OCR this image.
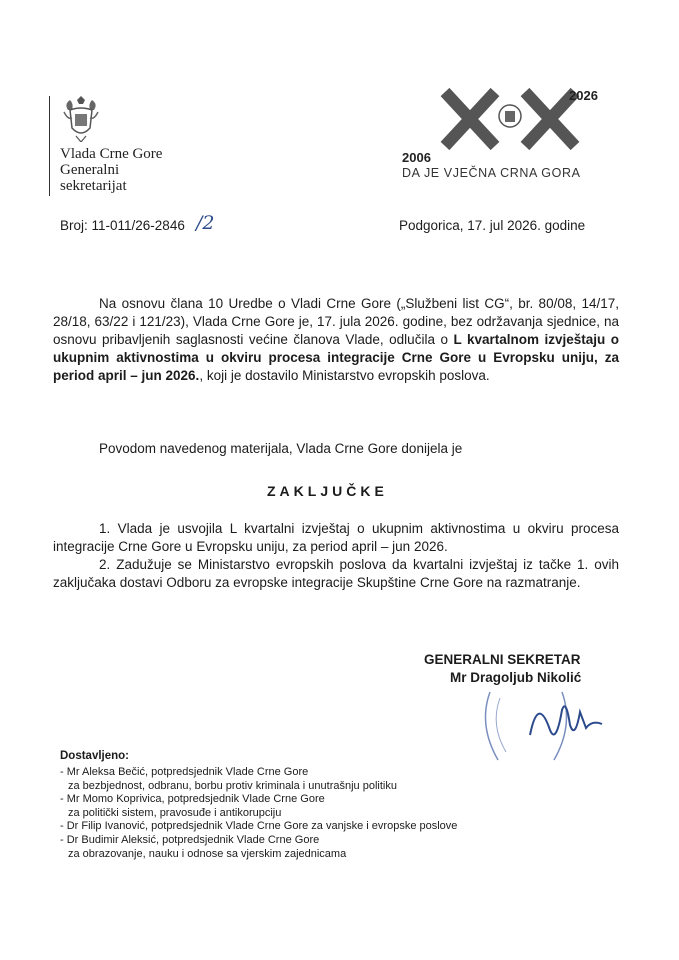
Vlada Crne Gore
Generalni
sekretarijat
2006
2026
DA JE VJEČNA CRNA GORA
Broj: 11-011/26-2846 /2	Podgorica, 17. jul 2026. godine
Na osnovu člana 10 Uredbe o Vladi Crne Gore („Službeni list CG“, br. 80/08, 14/17, 28/18, 63/22 i 121/23), Vlada Crne Gore je, 17. jula 2026. godine, bez održavanja sjednice, na osnovu pribavljenih saglasnosti većine članova Vlade, odlučila o L kvartalnom izvještaju o ukupnim aktivnostima u okviru procesa integracije Crne Gore u Evropsku uniju, za period april – jun 2026., koji je dostavilo Ministarstvo evropskih poslova.
Povodom navedenog materijala, Vlada Crne Gore donijela je
ZAKLJUČKE

1. Vlada je usvojila L kvartalni izvještaj o ukupnim aktivnostima u okviru procesa integracije Crne Gore u Evropsku uniju, za period april – jun 2026.

2. Zadužuje se Ministarstvo evropskih poslova da kvartalni izvještaj iz tačke 1. ovih zaključaka dostavi Odboru za evropske integracije Skupštine Crne Gore na razmatranje.

GENERALNI SEKRETAR
Mr Dragoljub Nikolić
Dostavljeno:
- Mr Aleksa Bečić, potpredsjednik Vlade Crne Gore
za bezbjednost, odbranu, borbu protiv kriminala i unutrašnju politiku
- Mr Momo Koprivica, potpredsjednik Vlade Crne Gore
za politički sistem, pravosuđe i antikorupciju
- Dr Filip Ivanović, potpredsjednik Vlade Crne Gore za vanjske i evropske poslove
- Dr Budimir Aleksić, potpredsjednik Vlade Crne Gore
za obrazovanje, nauku i odnose sa vjerskim zajednicama
